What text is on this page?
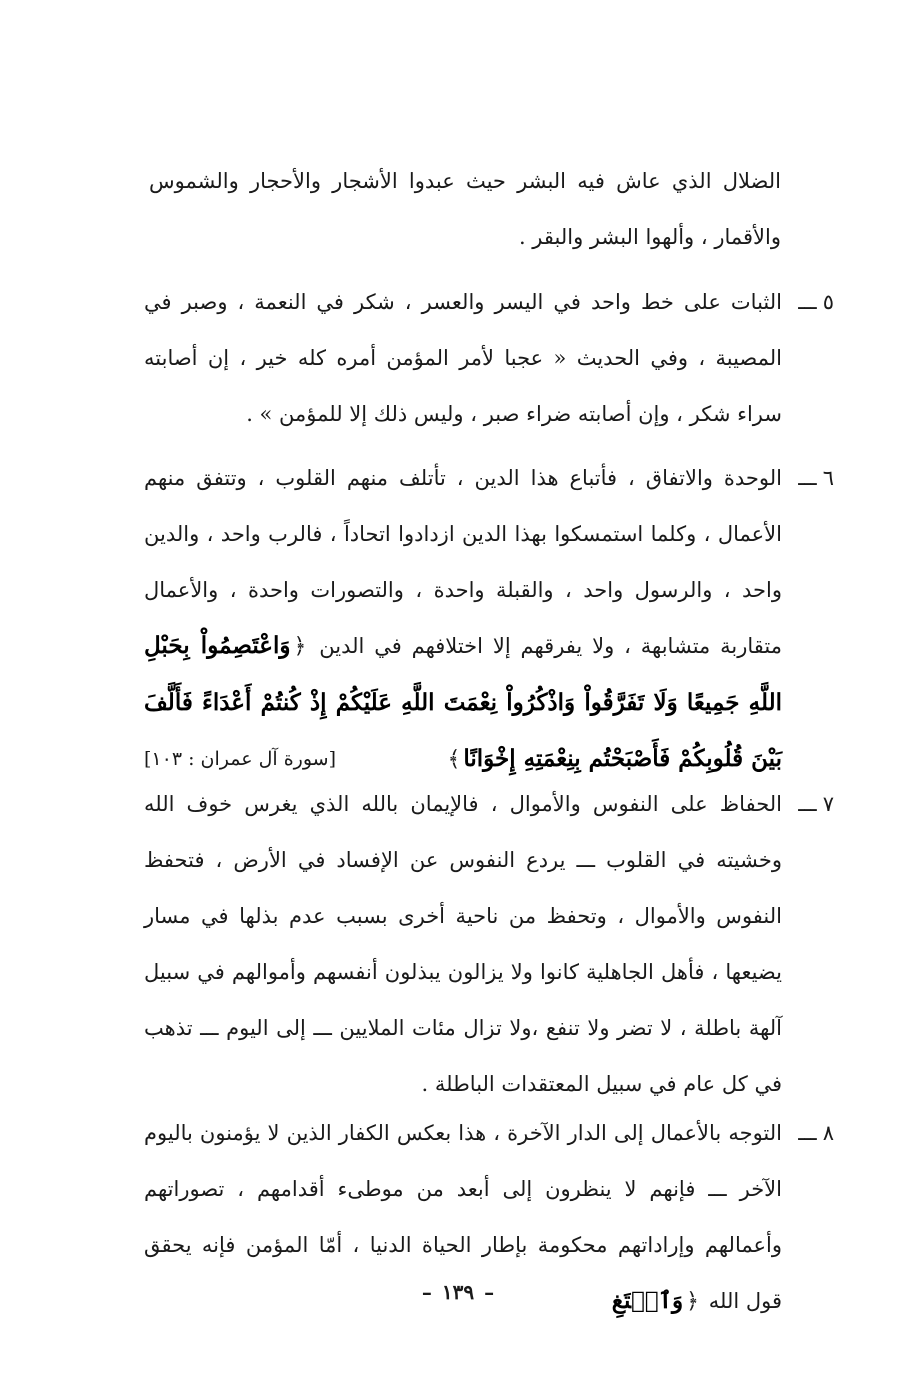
الضلال الذي عاش فيه البشر حيث عبدوا الأشجار والأحجار والشموس والأقمار ، وألهوا البشر والبقر .
٥ـــ
الثبات على خط واحد في اليسر والعسر ، شكر في النعمة ، وصبر في المصيبة ، وفي الحديث « عجبا لأمر المؤمن أمره كله خير ، إن أصابته سراء شكر ، وإن أصابته ضراء صبر ، وليس ذلك إلا للمؤمن » .
٦ـــ
الوحدة والاتفاق ، فأتباع هذا الدين ، تأتلف منهم القلوب ، وتتفق منهم الأعمال ، وكلما استمسكوا بهذا الدين ازدادوا اتحاداً ، فالرب واحد ، والدين واحد ، والرسول واحد ، والقبلة واحدة ، والتصورات واحدة ، والأعمال متقاربة متشابهة ، ولا يفرقهم إلا اختلافهم في الدين ﴿وَاعْتَصِمُواْ بِحَبْلِ اللَّهِ جَمِيعًا وَلَا تَفَرَّقُواْ وَاذْكُرُواْ نِعْمَتَ اللَّهِ عَلَيْكُمْ إِذْ كُنتُمْ أَعْدَاءً فَأَلَّفَ بَيْنَ قُلُوبِكُمْ فَأَصْبَحْتُم بِنِعْمَتِهِ إِخْوَانًا﴾
[سورة آل عمران : ١٠٣]
٧ـــ
الحفاظ على النفوس والأموال ، فالإيمان بالله الذي يغرس خوف الله وخشيته في القلوب ـــ يردع النفوس عن الإفساد في الأرض ، فتحفظ النفوس والأموال ، وتحفظ من ناحية أخرى بسبب عدم بذلها في مسار يضيعها ، فأهل الجاهلية كانوا ولا يزالون يبذلون أنفسهم وأموالهم في سبيل آلهة باطلة ، لا تضر ولا تنفع ،ولا تزال مئات الملايين ـــ إلى اليوم ـــ تذهب في كل عام في سبيل المعتقدات الباطلة .
٨ـــ
التوجه بالأعمال إلى الدار الآخرة ، هذا بعكس الكفار الذين لا يؤمنون باليوم الآخر ـــ فإنهم لا ينظرون إلى أبعد من موطىء أقدامهم ، تصوراتهم وأعمالهم وإراداتهم محكومة بإطار الحياة الدنيا ، أمّا المؤمن فإنه يحقق قول الله ﴿وَٱبۡتَغِ
–١٣٩–
